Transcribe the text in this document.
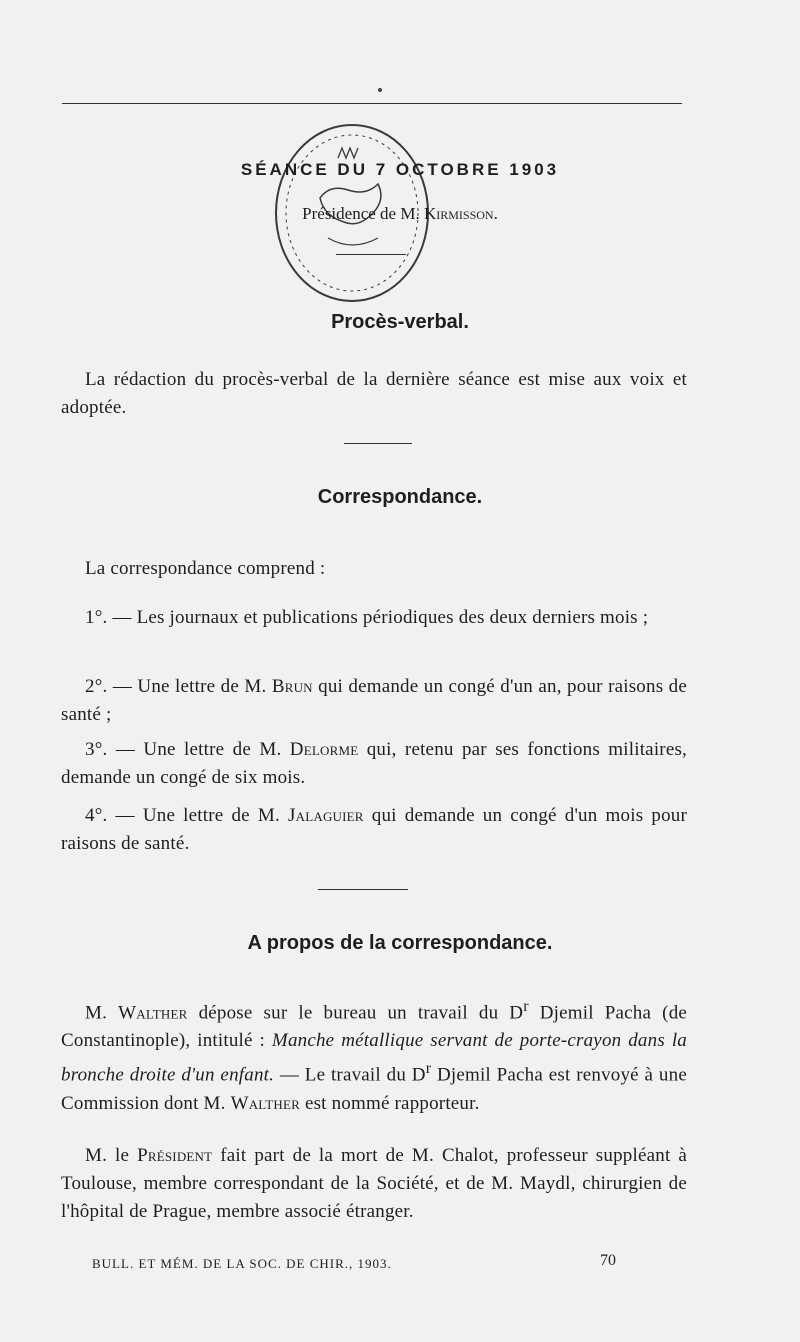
SÉANCE DU 7 OCTOBRE 1903
Présidence de M. Kirmisson.
Procès-verbal.
La rédaction du procès-verbal de la dernière séance est mise aux voix et adoptée.
Correspondance.
La correspondance comprend :
1°. — Les journaux et publications périodiques des deux derniers mois ;
2°. — Une lettre de M. Brun qui demande un congé d'un an, pour raisons de santé ;
3°. — Une lettre de M. Delorme qui, retenu par ses fonctions militaires, demande un congé de six mois.
4°. — Une lettre de M. Jalaguier qui demande un congé d'un mois pour raisons de santé.
A propos de la correspondance.
M. Walther dépose sur le bureau un travail du $D^r$ Djemil Pacha (de Constantinople), intitulé : Manche métallique servant de porte-crayon dans la bronche droite d'un enfant. — Le travail du $D^r$ Djemil Pacha est renvoyé à une Commission dont M. Walther est nommé rapporteur.
M. le Président fait part de la mort de M. Chalot, professeur suppléant à Toulouse, membre correspondant de la Société, et de M. Maydl, chirurgien de l'hôpital de Prague, membre associé étranger.
BULL. ET MÉM. DE LA SOC. DE CHIR., 1903.	70
